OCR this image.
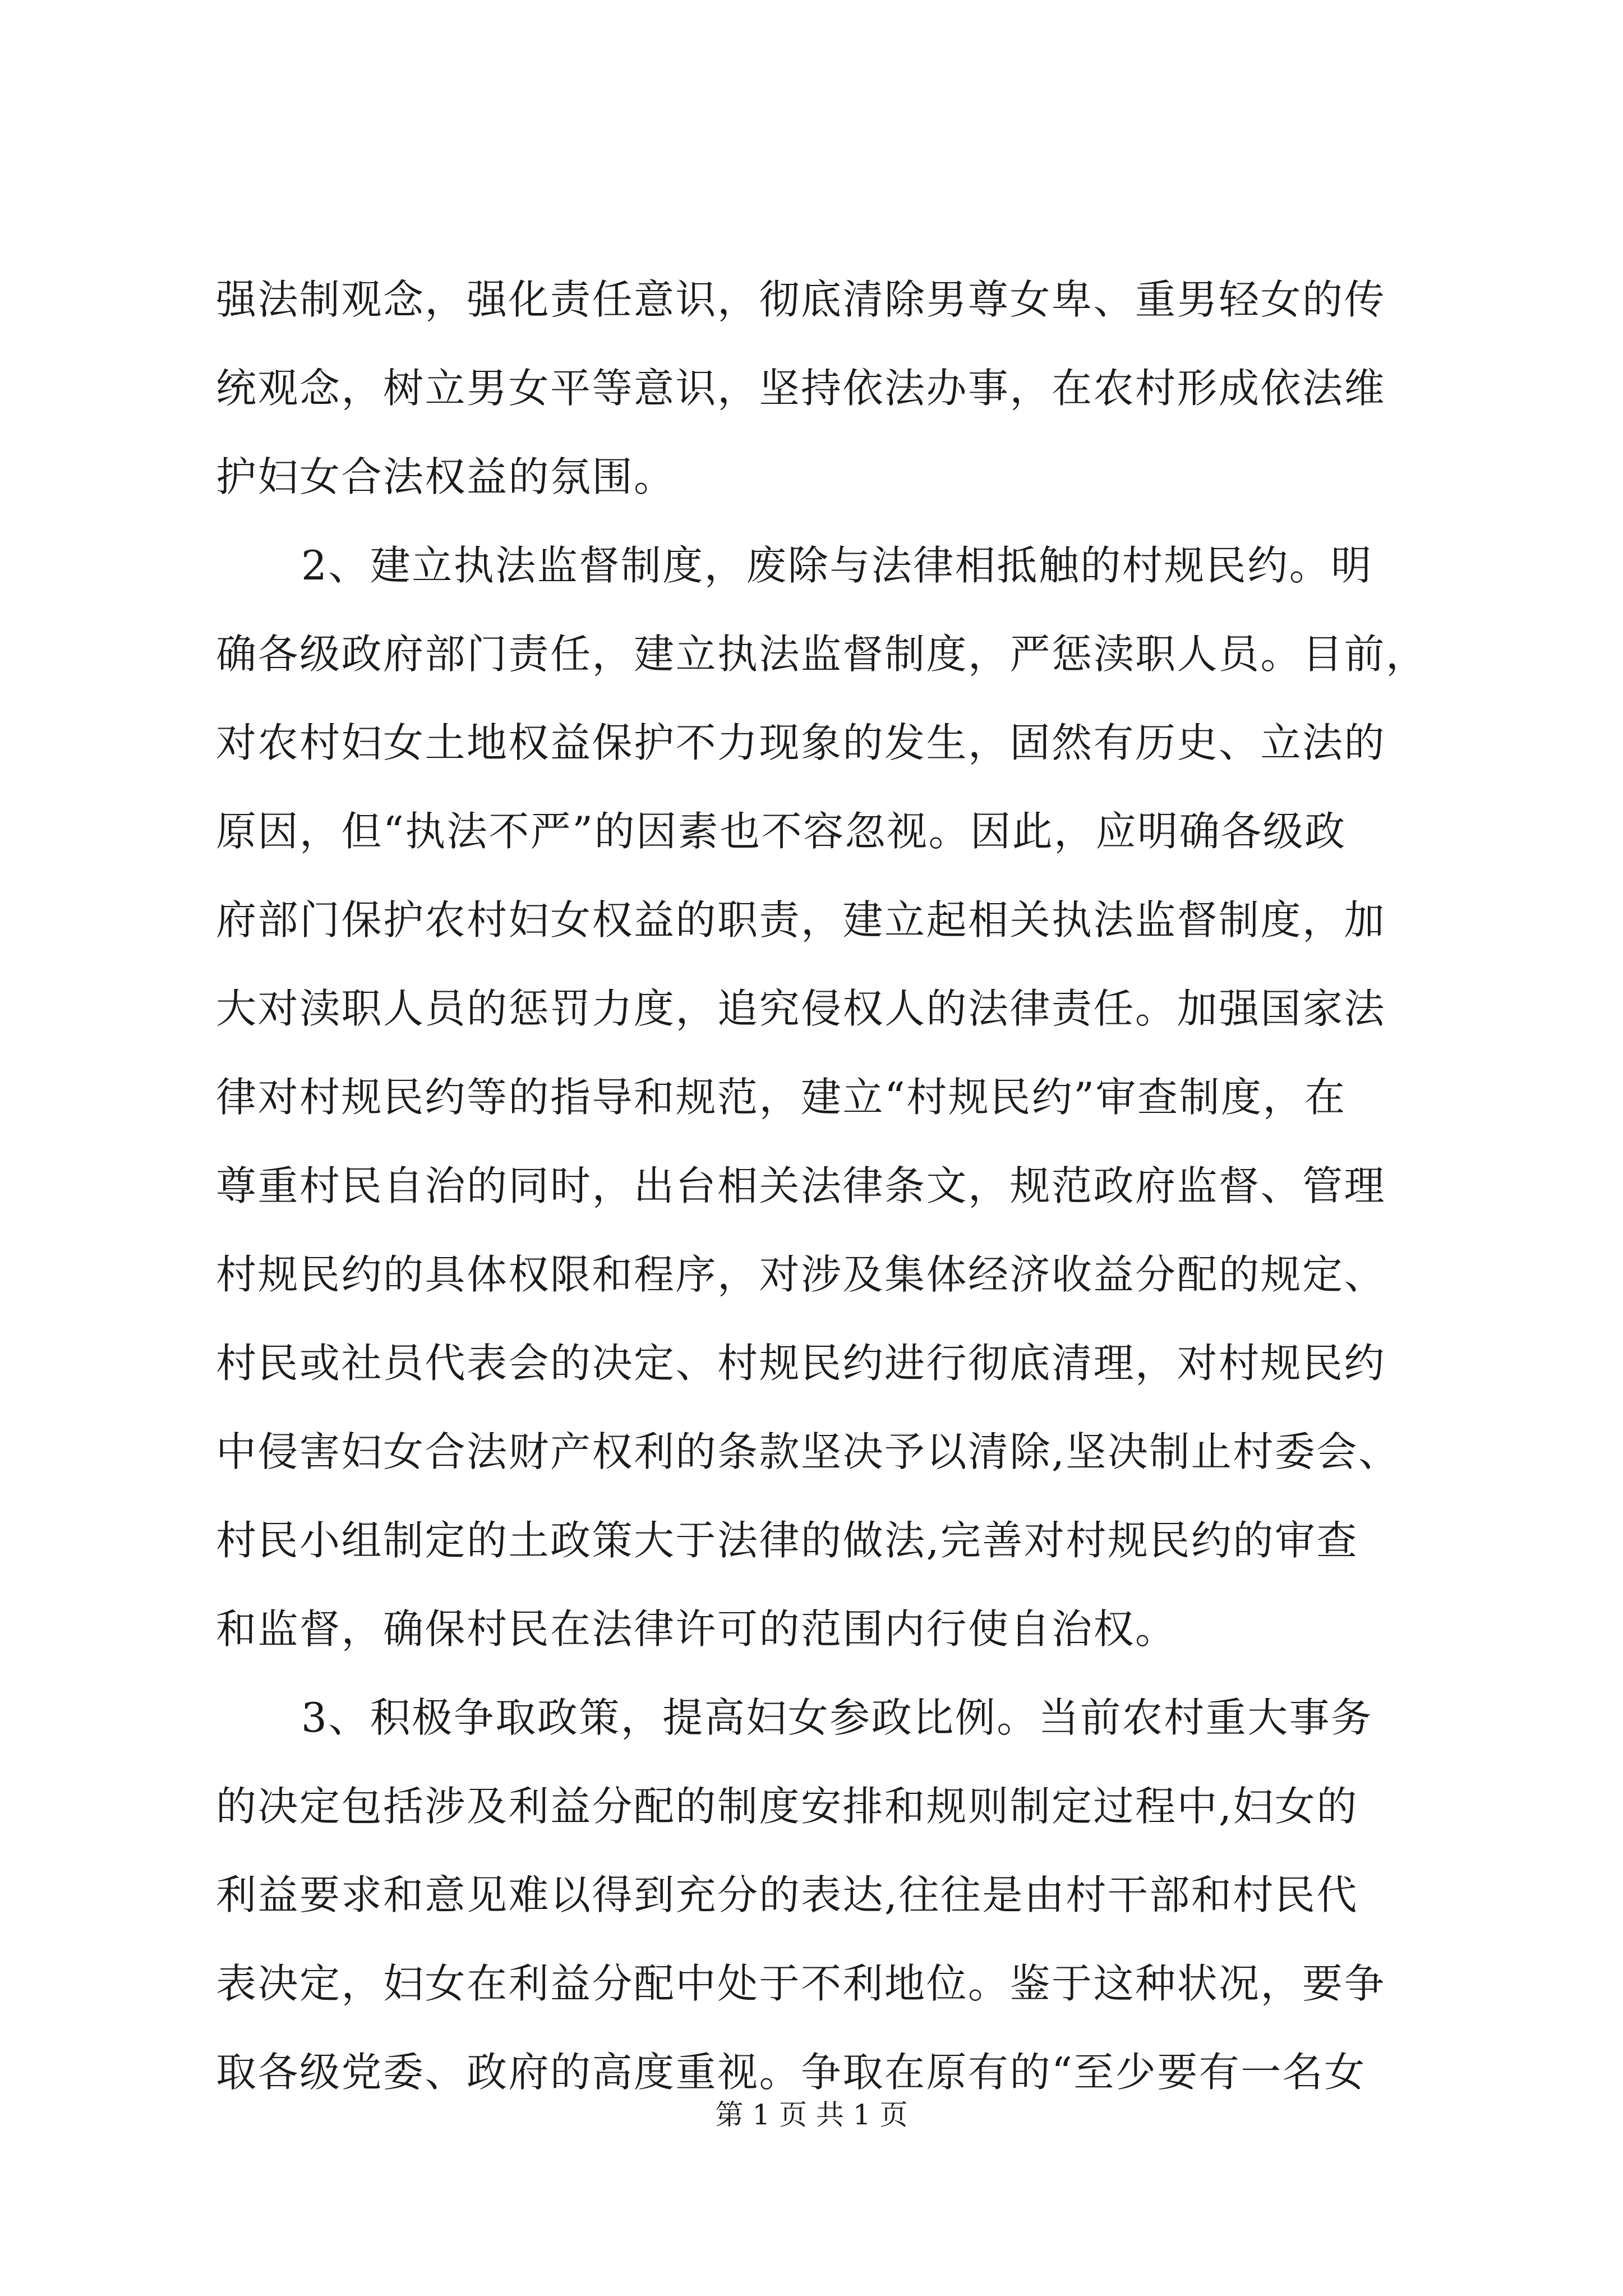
强法制观念，强化责任意识，彻底清除男尊女卑、重男轻女的传
统观念，树立男女平等意识，坚持依法办事，在农村形成依法维
护妇女合法权益的氛围。
2、建立执法监督制度，废除与法律相抵触的村规民约。明
确各级政府部门责任，建立执法监督制度，严惩渎职人员。目前，
对农村妇女土地权益保护不力现象的发生，固然有历史、立法的
原因，但“执法不严”的因素也不容忽视。因此，应明确各级政
府部门保护农村妇女权益的职责，建立起相关执法监督制度，加
大对渎职人员的惩罚力度，追究侵权人的法律责任。加强国家法
律对村规民约等的指导和规范，建立“村规民约”审查制度，在
尊重村民自治的同时，出台相关法律条文，规范政府监督、管理
村规民约的具体权限和程序，对涉及集体经济收益分配的规定、
村民或社员代表会的决定、村规民约进行彻底清理，对村规民约
中侵害妇女合法财产权利的条款坚决予以清除,坚决制止村委会、
村民小组制定的土政策大于法律的做法,完善对村规民约的审查
和监督，确保村民在法律许可的范围内行使自治权。
3、积极争取政策，提高妇女参政比例。当前农村重大事务
的决定包括涉及利益分配的制度安排和规则制定过程中,妇女的
利益要求和意见难以得到充分的表达,往往是由村干部和村民代
表决定，妇女在利益分配中处于不利地位。鉴于这种状况，要争
取各级党委、政府的高度重视。争取在原有的“至少要有一名女
第 1 页 共 1 页
